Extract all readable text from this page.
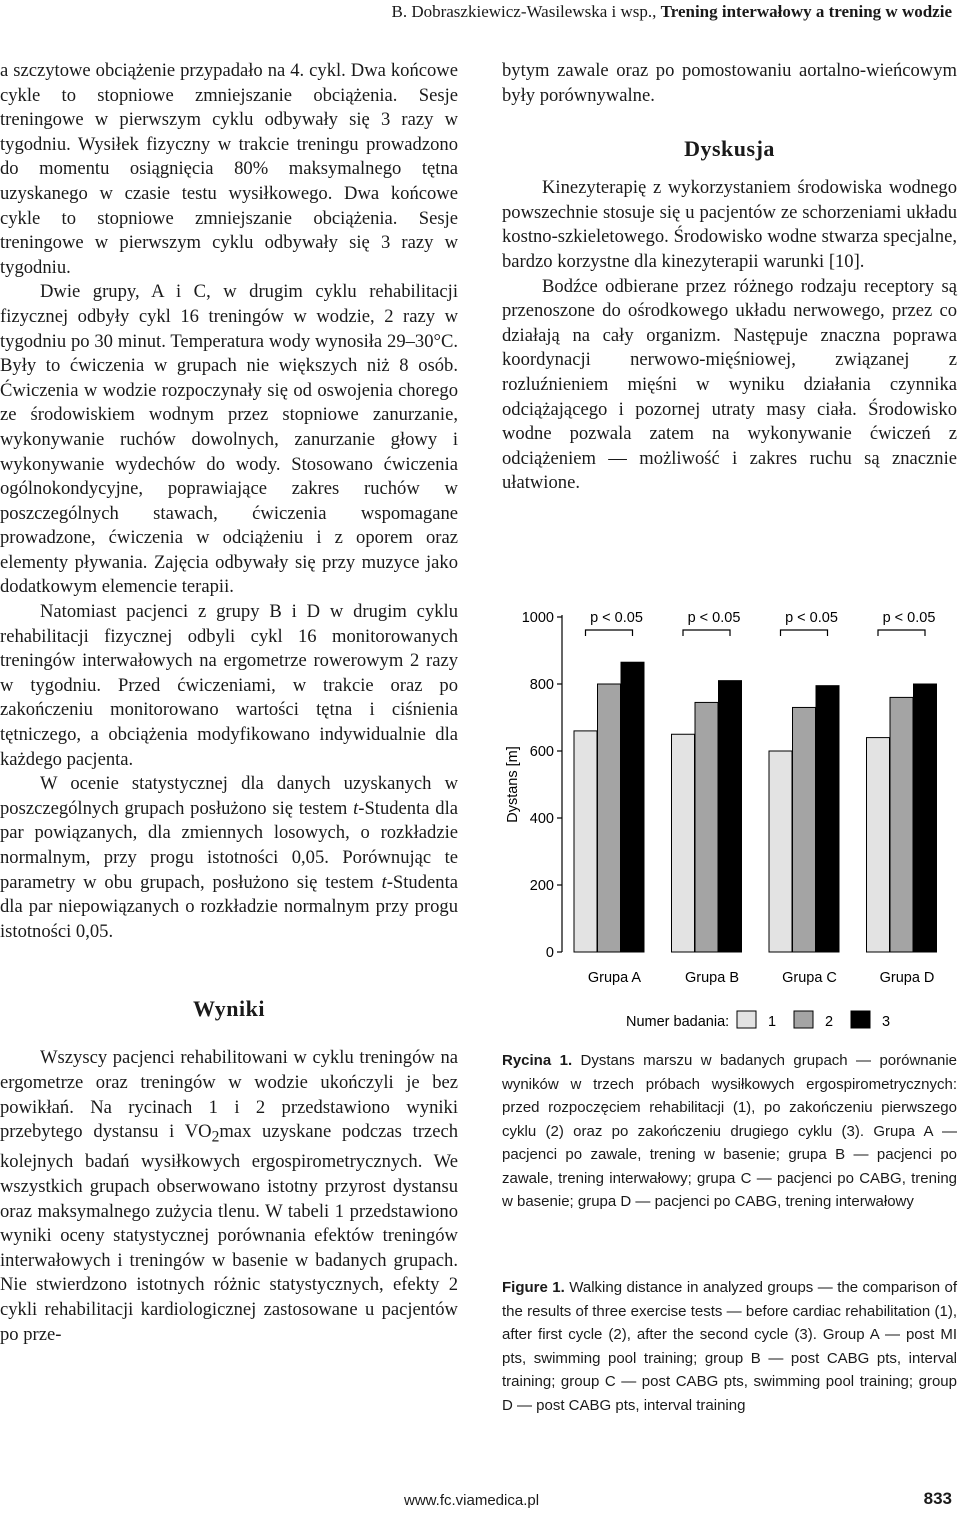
B. Dobraszkiewicz-Wasilewska i wsp., Trening interwałowy a trening w wodzie

a szczytowe obciążenie przypadało na 4. cykl. Dwa końcowe cykle to stopniowe zmniejszanie obciążenia. Sesje treningowe w pierwszym cyklu odbywały się 3 razy w tygodniu. Wysiłek fizyczny w trakcie treningu prowadzono do momentu osiągnięcia 80% maksymalnego tętna uzyskanego w czasie testu wysiłkowego. Dwa końcowe cykle to stopniowe zmniejszanie obciążenia. Sesje treningowe w pierwszym cyklu odbywały się 3 razy w tygodniu.

Dwie grupy, A i C, w drugim cyklu rehabilitacji fizycznej odbyły cykl 16 treningów w wodzie, 2 razy w tygodniu po 30 minut. Temperatura wody wynosiła 29–30°C. Były to ćwiczenia w grupach nie większych niż 8 osób. Ćwiczenia w wodzie rozpoczynały się od oswojenia chorego ze środowiskiem wodnym przez stopniowe zanurzanie, wykonywanie ruchów dowolnych, zanurzanie głowy i wykonywanie wydechów do wody. Stosowano ćwiczenia ogólnokondycyjne, poprawiające zakres ruchów w poszczególnych stawach, ćwiczenia wspomagane prowadzone, ćwiczenia w odciążeniu i z oporem oraz elementy pływania. Zajęcia odbywały się przy muzyce jako dodatkowym elemencie terapii.

Natomiast pacjenci z grupy B i D w drugim cyklu rehabilitacji fizycznej odbyli cykl 16 monitorowanych treningów interwałowych na ergometrze rowerowym 2 razy w tygodniu. Przed ćwiczeniami, w trakcie oraz po zakończeniu monitorowano wartości tętna i ciśnienia tętniczego, a obciążenia modyfikowano indywidualnie dla każdego pacjenta.

W ocenie statystycznej dla danych uzyskanych w poszczególnych grupach posłużono się testem t-Studenta dla par powiązanych, dla zmiennych losowych, o rozkładzie normalnym, przy progu istotności 0,05. Porównując te parametry w obu grupach, posłużono się testem t-Studenta dla par niepowiązanych o rozkładzie normalnym przy progu istotności 0,05.

Wyniki

Wszyscy pacjenci rehabilitowani w cyklu treningów na ergometrze oraz treningów w wodzie ukończyli je bez powikłań. Na rycinach 1 i 2 przedstawiono wyniki przebytego dystansu i $VO_2\max$ uzyskane podczas trzech kolejnych badań wysiłkowych ergospirometrycznych. We wszystkich grupach obserwowano istotny przyrost dystansu oraz maksymalnego zużycia tlenu. W tabeli 1 przedstawiono wyniki oceny statystycznej porównania efektów treningów interwałowych i treningów w basenie w badanych grupach. Nie stwierdzono istotnych różnic statystycznych, efekty 2 cykli rehabilitacji kardiologicznej zastosowane u pacjentów po prze-

bytym zawale oraz po pomostowaniu aortalno-wieńcowym były porównywalne.

Dyskusja

Kinezyterapię z wykorzystaniem środowiska wodnego powszechnie stosuje się u pacjentów ze schorzeniami układu kostno-szkieletowego. Środowisko wodne stwarza specjalne, bardzo korzystne dla kinezyterapii warunki [10].

Bodźce odbierane przez różnego rodzaju receptory są przenoszone do ośrodkowego układu nerwowego, przez co działają na cały organizm. Następuje znaczna poprawa koordynacji nerwowo-mięśniowej, związanej z rozluźnieniem mięśni w wyniku działania czynnika odciążającego i pozornej utraty masy ciała. Środowisko wodne pozwala zatem na wykonywanie ćwiczeń z odciążeniem — możliwość i zakres ruchu są znacznie ułatwione.

0
200
400
600
800
1000
Dystans [m]
Grupa A
p < 0.05
Grupa B
p < 0.05
Grupa C
p < 0.05
Grupa D
p < 0.05
Numer badania:	1	2	3

Rycina 1. Dystans marszu w badanych grupach — porównanie wyników w trzech próbach wysiłkowych ergospirometrycznych: przed rozpoczęciem rehabilitacji (1), po zakończeniu pierwszego cyklu (2) oraz po zakończeniu drugiego cyklu (3). Grupa A — pacjenci po zawale, trening w basenie; grupa B — pacjenci po zawale, trening interwałowy; grupa C — pacjenci po CABG, trening w basenie; grupa D — pacjenci po CABG, trening interwałowy

Figure 1. Walking distance in analyzed groups — the comparison of the results of three exercise tests — before cardiac rehabilitation (1), after first cycle (2), after the second cycle (3). Group A — post MI pts, swimming pool training; group B — post CABG pts, interval training; group C — post CABG pts, swimming pool training; group D — post CABG pts, interval training

www.fc.viamedica.pl	833
